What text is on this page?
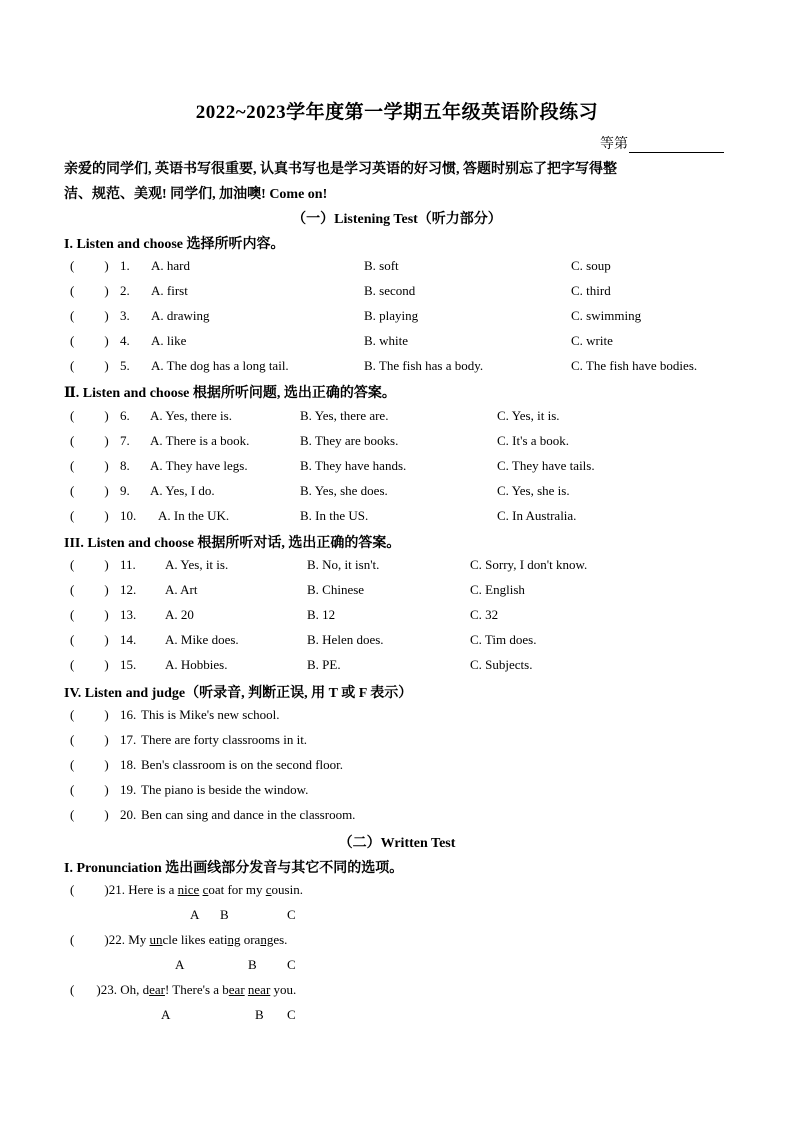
2022~2023学年度第一学期五年级英语阶段练习
等第
亲爱的同学们, 英语书写很重要, 认真书写也是学习英语的好习惯, 答题时别忘了把字写得整
洁、规范、美观! 同学们, 加油噢! Come on!
（一）Listening Test（听力部分）
I. Listen and choose 选择所听内容。
( ) 1. A. hard	B. soft	C. soup
( ) 2. A. first	B. second	C. third
( ) 3. A. drawing	B. playing	C. swimming
( ) 4. A. like	B. white	C. write
( ) 5. A. The dog has a long tail.	B. The fish has a body.	C. The fish have bodies.
Ⅱ. Listen and choose 根据所听问题, 选出正确的答案。
( ) 6. A. Yes, there is.	B. Yes, there are.	C. Yes, it is.
( ) 7. A. There is a book.	B. They are books.	C. It's a book.
( ) 8. A. They have legs.	B. They have hands.	C. They have tails.
( ) 9. A. Yes, I do.	B. Yes, she does.	C. Yes, she is.
( ) 10. A. In the UK.	B. In the US.	C. In Australia.
III. Listen and choose 根据所听对话, 选出正确的答案。
( ) 11. A. Yes, it is.	B. No, it isn't.	C. Sorry, I don't know.
( ) 12. A. Art	B. Chinese	C. English
( ) 13. A. 20	B. 12	C. 32
( ) 14. A. Mike does.	B. Helen does.	C. Tim does.
( ) 15. A. Hobbies.	B. PE.	C. Subjects.
IV. Listen and judge（听录音, 判断正误, 用 T 或 F 表示）
( ) 16. This is Mike's new school.
( ) 17. There are forty classrooms in it.
( ) 18. Ben's classroom is on the second floor.
( ) 19. The piano is beside the window.
( ) 20. Ben can sing and dance in the classroom.
（二）Written Test
I. Pronunciation 选出画线部分发音与其它不同的选项。
( )21. Here is a nice coat for my cousin.
A B	C
( )22. My uncle likes eating oranges.
A	B C
( )23. Oh, dear! There's a bear near you.
A	B C
